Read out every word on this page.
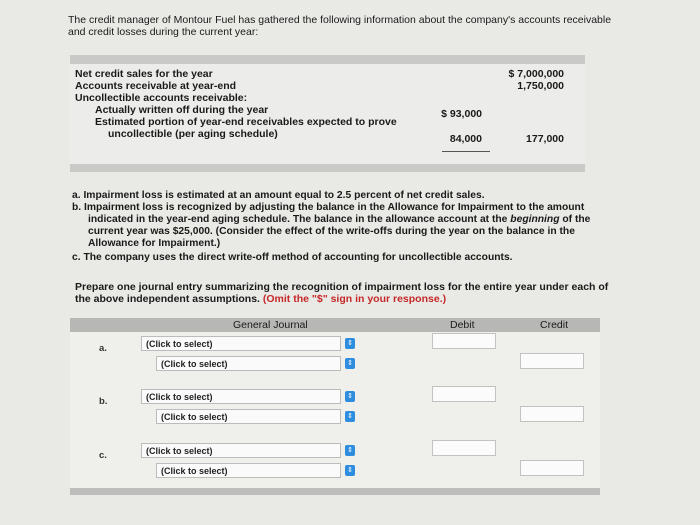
The credit manager of Montour Fuel has gathered the following information about the company's accounts receivable and credit losses during the current year:
Net credit sales for the year	$ 7,000,000
Accounts receivable at year-end	1,750,000
Uncollectible accounts receivable:
Actually written off during the year	$ 93,000
Estimated portion of year-end receivables expected to prove
uncollectible (per aging schedule)	84,000	177,000
a. Impairment loss is estimated at an amount equal to 2.5 percent of net credit sales.
b. Impairment loss is recognized by adjusting the balance in the Allowance for Impairment to the amount
indicated in the year-end aging schedule. The balance in the allowance account at the beginning of the
current year was $25,000. (Consider the effect of the write-offs during the year on the balance in the
Allowance for Impairment.)
c. The company uses the direct write-off method of accounting for uncollectible accounts.
Prepare one journal entry summarizing the recognition of impairment loss for the entire year under each of
the above independent assumptions. (Omit the "$" sign in your response.)
General Journal	Debit	Credit
a.	(Click to select)	⇕
(Click to select)	⇕
b.	(Click to select)	⇕
(Click to select)	⇕
c.	(Click to select)	⇕
(Click to select)	⇕
